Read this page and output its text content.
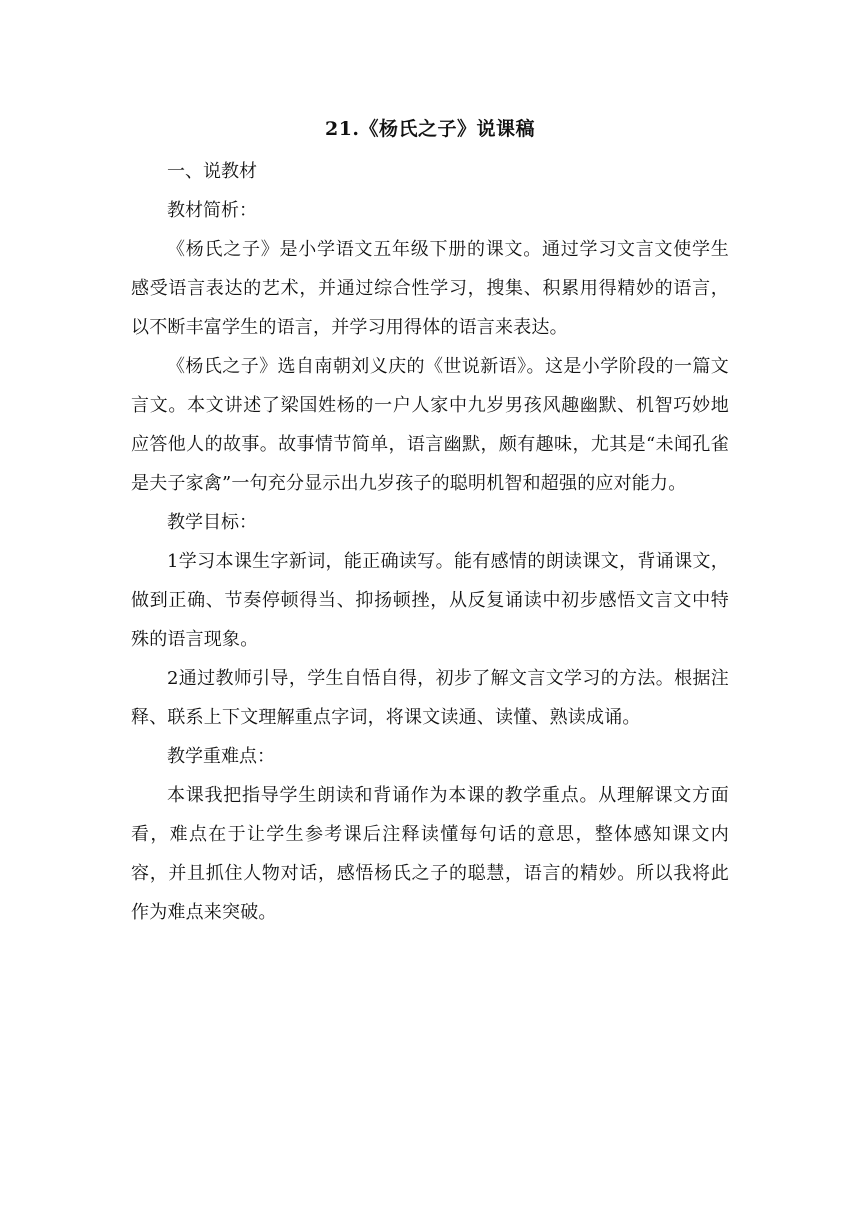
21.《杨氏之子》说课稿

一、说教材

教材简析：

《杨氏之子》是小学语文五年级下册的课文。通过学习文言文使学生感受语言表达的艺术，并通过综合性学习，搜集、积累用得精妙的语言，以不断丰富学生的语言，并学习用得体的语言来表达。

《杨氏之子》选自南朝刘义庆的《世说新语》。这是小学阶段的一篇文言文。本文讲述了梁国姓杨的一户人家中九岁男孩风趣幽默、机智巧妙地应答他人的故事。故事情节简单，语言幽默，颇有趣味，尤其是“未闻孔雀是夫子家禽”一句充分显示出九岁孩子的聪明机智和超强的应对能力。

教学目标：

1学习本课生字新词，能正确读写。能有感情的朗读课文，背诵课文，做到正确、节奏停顿得当、抑扬顿挫，从反复诵读中初步感悟文言文中特殊的语言现象。

2通过教师引导，学生自悟自得，初步了解文言文学习的方法。根据注释、联系上下文理解重点字词，将课文读通、读懂、熟读成诵。

教学重难点：

本课我把指导学生朗读和背诵作为本课的教学重点。从理解课文方面看，难点在于让学生参考课后注释读懂每句话的意思，整体感知课文内容，并且抓住人物对话，感悟杨氏之子的聪慧，语言的精妙。所以我将此作为难点来突破。
